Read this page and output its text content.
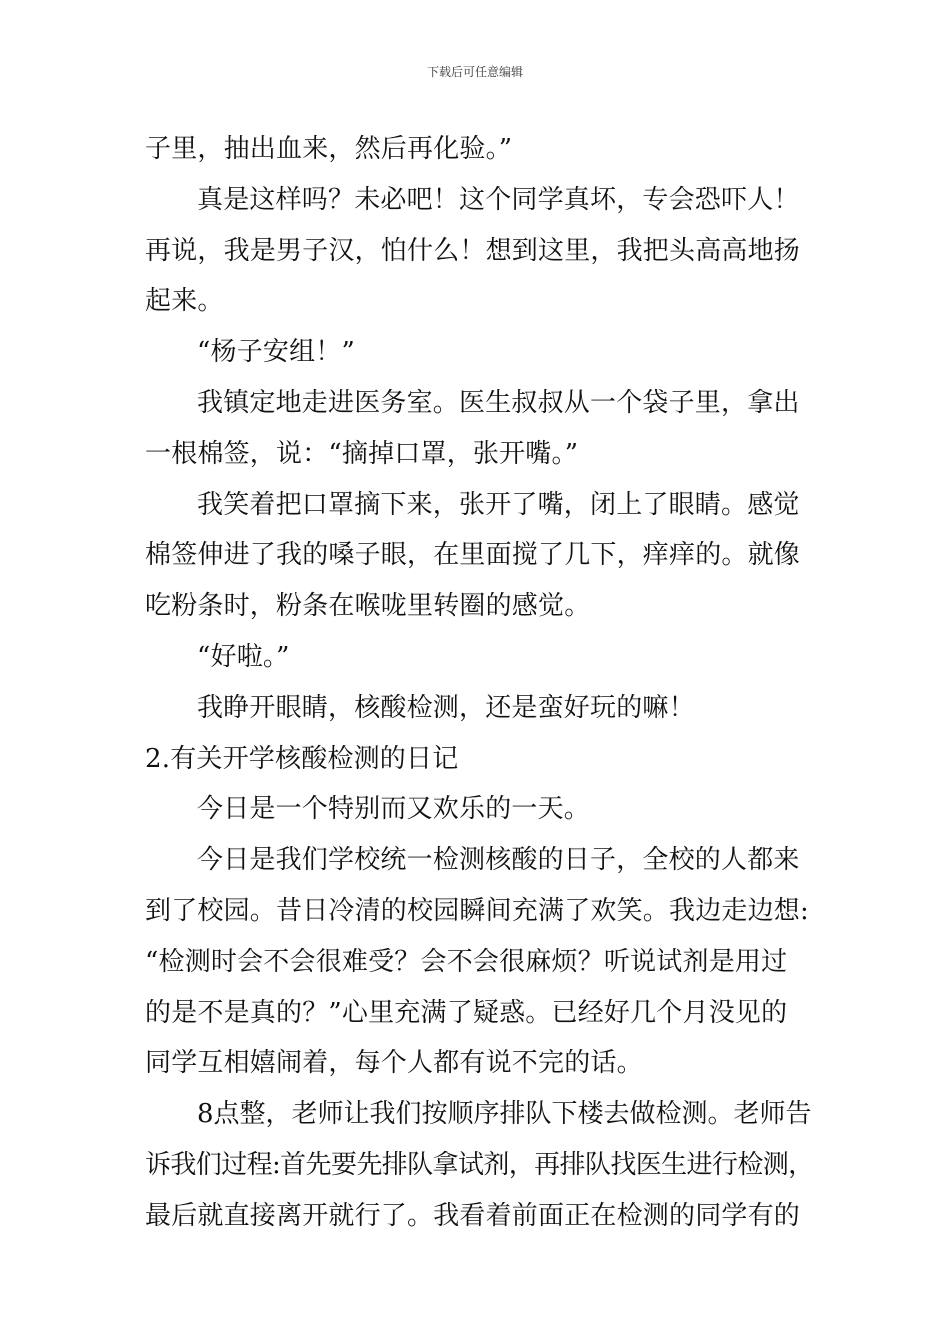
下载后可任意编辑
子里，抽出血来，然后再化验。”
真是这样吗？未必吧！这个同学真坏，专会恐吓人！
再说，我是男子汉，怕什么！想到这里，我把头高高地扬
起来。
“杨子安组！”
我镇定地走进医务室。医生叔叔从一个袋子里，拿出
一根棉签，说：“摘掉口罩，张开嘴。”
我笑着把口罩摘下来，张开了嘴，闭上了眼睛。感觉
棉签伸进了我的嗓子眼，在里面搅了几下，痒痒的。就像
吃粉条时，粉条在喉咙里转圈的感觉。
“好啦。”
我睁开眼睛，核酸检测，还是蛮好玩的嘛！
2.有关开学核酸检测的日记
今日是一个特别而又欢乐的一天。
今日是我们学校统一检测核酸的日子，全校的人都来
到了校园。昔日冷清的校园瞬间充满了欢笑。我边走边想:
“检测时会不会很难受？会不会很麻烦？听说试剂是用过
的是不是真的？”心里充满了疑惑。已经好几个月没见的
同学互相嬉闹着，每个人都有说不完的话。
8点整，老师让我们按顺序排队下楼去做检测。老师告
诉我们过程:首先要先排队拿试剂，再排队找医生进行检测，
最后就直接离开就行了。我看着前面正在检测的同学有的
